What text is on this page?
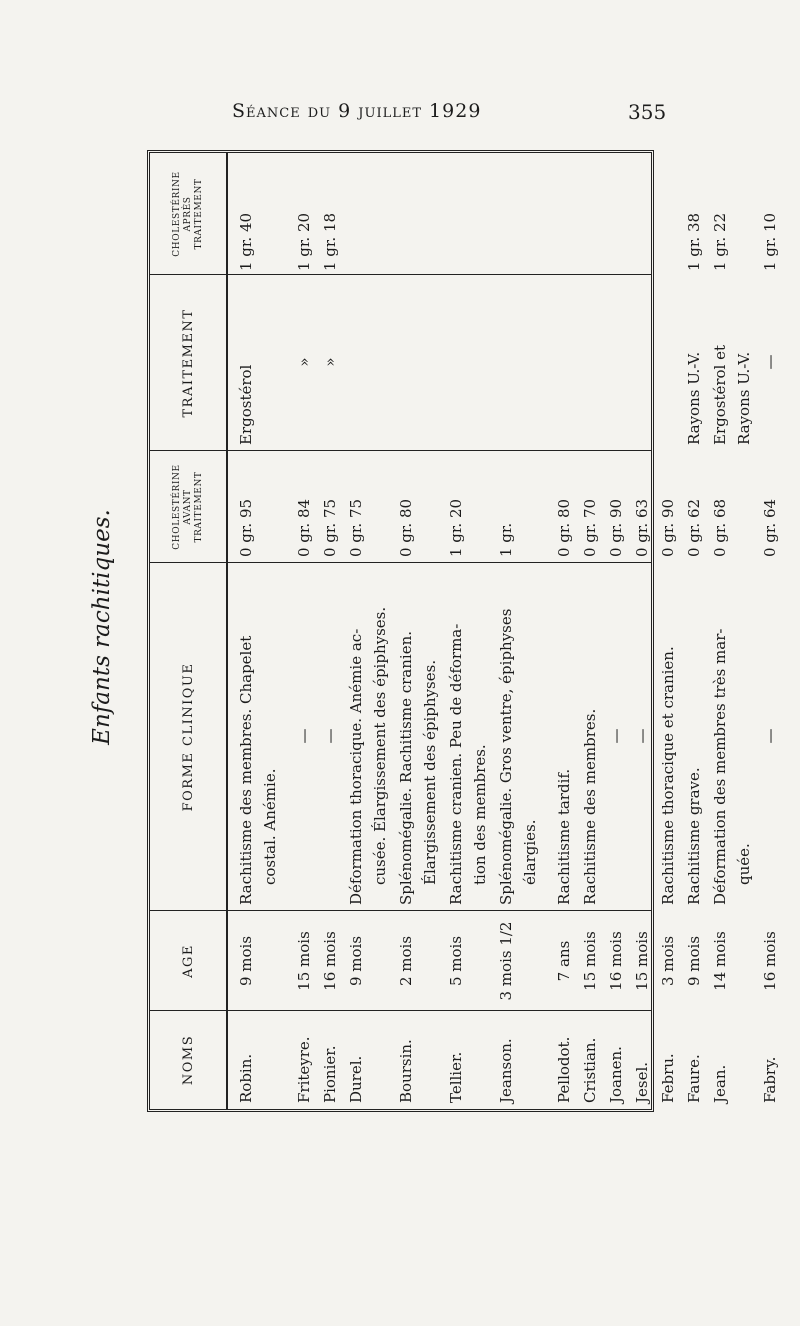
Séance du 9 juillet 1929	355
Enfants rachitiques.
NOMS
AGE
FORME CLINIQUE
CHOLESTÉRINE AVANT TRAITEMENT
TRAITEMENT
CHOLESTÉRINE APRÈS TRAITEMENT
Robin.
9 mois
Rachitisme des membres. Chapelet costal. Anémie.
0 gr. 95
Ergostérol
1 gr. 40
Friteyre.
15 mois
—
0 gr. 84
»
1 gr. 20
Pionier.
16 mois
—
0 gr. 75
»
1 gr. 18
Durel.
9 mois
Déformation thoracique. Anémie ac- cusée. Élargissement des épiphyses.
0 gr. 75
Boursin.
2 mois
Splénomégalie. Rachitisme cranien. Élargissement des épiphyses.
0 gr. 80
Tellier.
5 mois
Rachitisme cranien. Peu de déforma- tion des membres.
1 gr. 20
Jeanson.
3 mois 1/2
Splénomégalie. Gros ventre, épiphyses élargies.
1 gr.
Pellodot.
7 ans
Rachitisme tardif.
0 gr. 80
Cristian.
15 mois
Rachitisme des membres.
0 gr. 70
Joanen.
16 mois
—
0 gr. 90
Jesel.
15 mois
—
0 gr. 63
Febru.
3 mois
Rachitisme thoracique et cranien.
0 gr. 90
Faure.
9 mois
Rachitisme grave.
0 gr. 62
Rayons U.-V.
1 gr. 38
Jean.
14 mois
Déformation des membres très mar- quée.
0 gr. 68
Ergostérol et Rayons U.-V.
1 gr. 22
Fabry.
16 mois
—
0 gr. 64
—
1 gr. 10
